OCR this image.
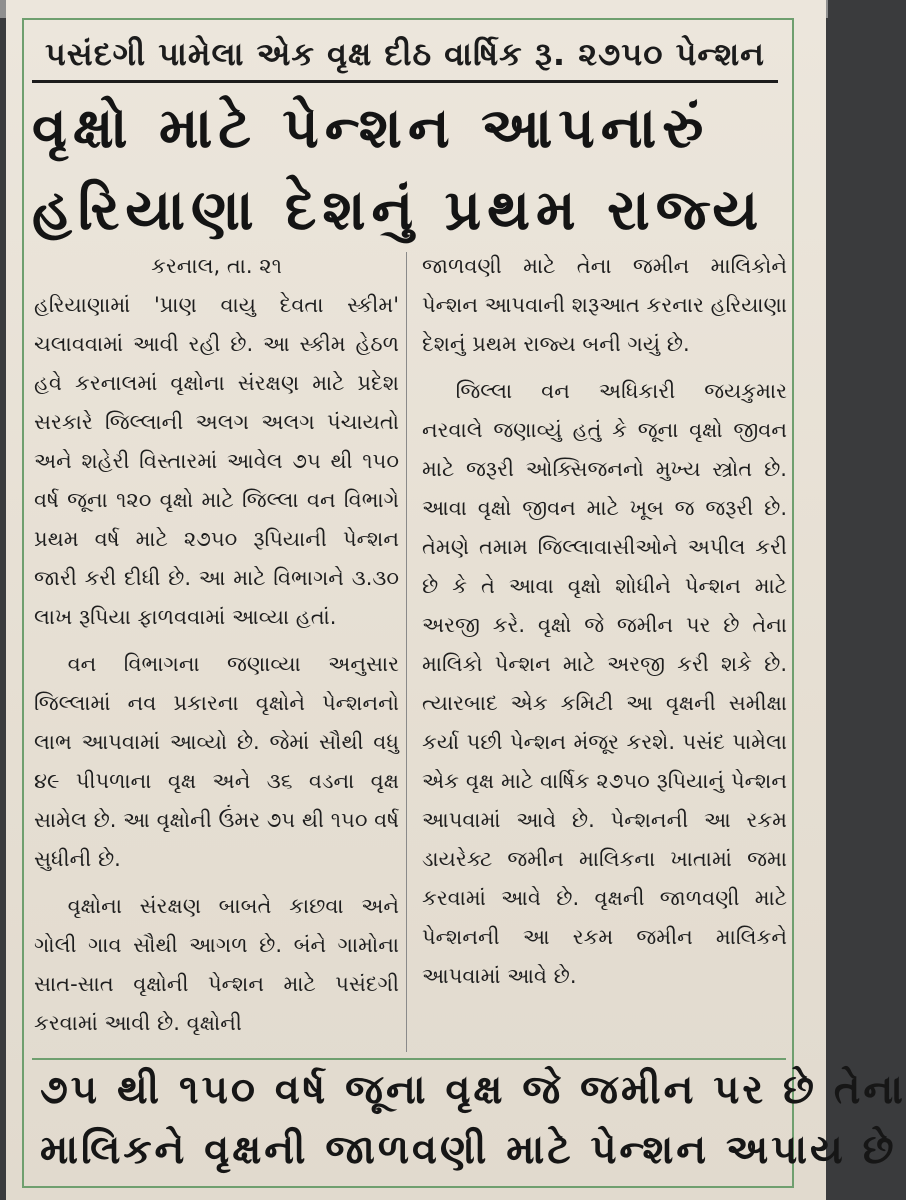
પસંદગી પામેલા એક વૃક્ષ દીઠ વાર્ષિક રૂ. ૨૭૫૦ પેન્શન
વૃક્ષો માટે પેન્શન આપનારું
હરિયાણા દેશનું પ્રથમ રાજ્ય
કરનાલ, તા. ૨૧

હરિયાણામાં 'પ્રાણ વાયુ દેવતા સ્કીમ' ચલાવવામાં આવી રહી છે. આ સ્કીમ હેઠળ હવે કરનાલમાં વૃક્ષોના સંરક્ષણ માટે પ્રદેશ સરકારે જિલ્લાની અલગ અલગ પંચાયતો અને શહેરી વિસ્તારમાં આવેલ ૭૫ થી ૧૫૦ વર્ષ જૂના ૧૨૦ વૃક્ષો માટે જિલ્લા વન વિભાગે પ્રથમ વર્ષ માટે ૨૭૫૦ રૂપિયાની પેન્શન જારી કરી દીધી છે. આ માટે વિભાગને ૩.૩૦ લાખ રૂપિયા ફાળવવામાં આવ્યા હતાં.

વન વિભાગના જણાવ્યા અનુસાર જિલ્લામાં નવ પ્રકારના વૃક્ષોને પેન્શનનો લાભ આપવામાં આવ્યો છે. જેમાં સૌથી વધુ ૪૯ પીપળાના વૃક્ષ અને ૩૬ વડના વૃક્ષ સામેલ છે. આ વૃક્ષોની ઉંમર ૭૫ થી ૧૫૦ વર્ષ સુધીની છે.

વૃક્ષોના સંરક્ષણ બાબતે કાછવા અને ગોલી ગાવ સૌથી આગળ છે. બંને ગામોના સાત-સાત વૃક્ષોની પેન્શન માટે પસંદગી કરવામાં આવી છે. વૃક્ષોની

જાળવણી માટે તેના જમીન માલિકોને પેન્શન આપવાની શરૂઆત કરનાર હરિયાણા દેશનું પ્રથમ રાજ્ય બની ગયું છે.

જિલ્લા વન અધિકારી જયકુમાર નરવાલે જણાવ્યું હતું કે જૂના વૃક્ષો જીવન માટે જરૂરી ઓક્સિજનનો મુખ્ય સ્ત્રોત છે. આવા વૃક્ષો જીવન માટે ખૂબ જ જરૂરી છે. તેમણે તમામ જિલ્લાવાસીઓને અપીલ કરી છે કે તે આવા વૃક્ષો શોધીને પેન્શન માટે અરજી કરે. વૃક્ષો જે જમીન પર છે તેના માલિકો પેન્શન માટે અરજી કરી શકે છે. ત્યારબાદ એક કમિટી આ વૃક્ષની સમીક્ષા કર્યા પછી પેન્શન મંજૂર કરશે. પસંદ પામેલા એક વૃક્ષ માટે વાર્ષિક ૨૭૫૦ રૂપિયાનું પેન્શન આપવામાં આવે છે. પેન્શનની આ રકમ ડાયરેક્ટ જમીન માલિકના ખાતામાં જમા કરવામાં આવે છે. વૃક્ષની જાળવણી માટે પેન્શનની આ રકમ જમીન માલિકને આપવામાં આવે છે.

૭૫ થી ૧૫૦ વર્ષ જૂના વૃક્ષ જે જમીન પર છે તેના
માલિકને વૃક્ષની જાળવણી માટે પેન્શન અપાય છે
